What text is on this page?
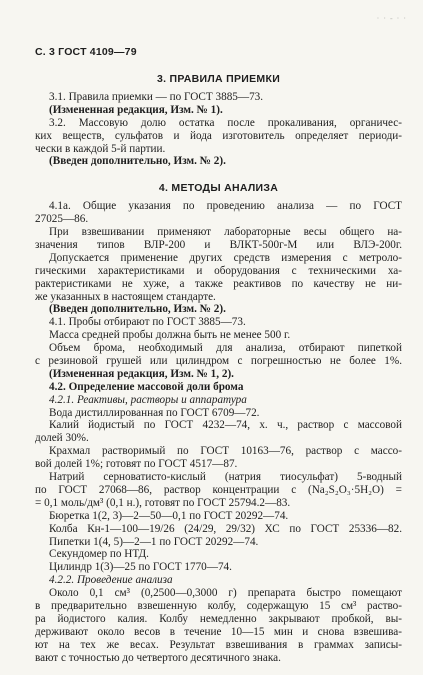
· · - · ·
С. 3 ГОСТ 4109—79
3. ПРАВИЛА ПРИЕМКИ
3.1. Правила приемки — по ГОСТ 3885—73.
(Измененная редакция, Изм. № 1).
3.2. Массовую долю остатка после прокаливания, органичес-
ких веществ, сульфатов и йода изготовитель определяет периоди-
чески в каждой 5-й партии.
(Введен дополнительно, Изм. № 2).
4. МЕТОДЫ АНАЛИЗА
4.1а. Общие указания по проведению анализа — по ГОСТ
27025—86.
При взвешивании применяют лабораторные весы общего на-
значения типов ВЛР-200 и ВЛКТ-500г-М или ВЛЭ-200г.
Допускается применение других средств измерения с метроло-
гическими характеристиками и оборудования с техническими ха-
рактеристиками не хуже, а также реактивов по качеству не ни-
же указанных в настоящем стандарте.
(Введен дополнительно, Изм. № 2).
4.1. Пробы отбирают по ГОСТ 3885—73.
Масса средней пробы должна быть не менее 500 г.
Объем брома, необходимый для анализа, отбирают пипеткой
с резиновой грушей или цилиндром с погрешностью не более 1%.
(Измененная редакция, Изм. № 1, 2).
4.2. Определение массовой доли брома
4.2.1. Реактивы, растворы и аппаратура
Вода дистиллированная по ГОСТ 6709—72.
Калий йодистый по ГОСТ 4232—74, х. ч., раствор с массовой
долей 30%.
Крахмал растворимый по ГОСТ 10163—76, раствор с массо-
вой долей 1%; готовят по ГОСТ 4517—87.
Натрий серноватисто-кислый (натрия тиосульфат) 5-водный
по ГОСТ 27068—86, раствор концентрации с (Na₂S₂O₃·5H₂O) =
= 0,1 моль/дм³ (0,1 н.), готовят по ГОСТ 25794.2—83.
Бюретка 1(2, 3)—2—50—0,1 по ГОСТ 20292—74.
Колба Кн-1—100—19/26 (24/29, 29/32) ХС по ГОСТ 25336—82.
Пипетки 1(4, 5)—2—1 по ГОСТ 20292—74.
Секундомер по НТД.
Цилиндр 1(3)—25 по ГОСТ 1770—74.
4.2.2. Проведение анализа
Около 0,1 см³ (0,2500—0,3000 г) препарата быстро помещают
в предварительно взвешенную колбу, содержащую 15 см³ раство-
ра йодистого калия. Колбу немедленно закрывают пробкой, вы-
держивают около весов в течение 10—15 мин и снова взвешива-
ют на тех же весах. Результат взвешивания в граммах записы-
вают с точностью до четвертого десятичного знака.
